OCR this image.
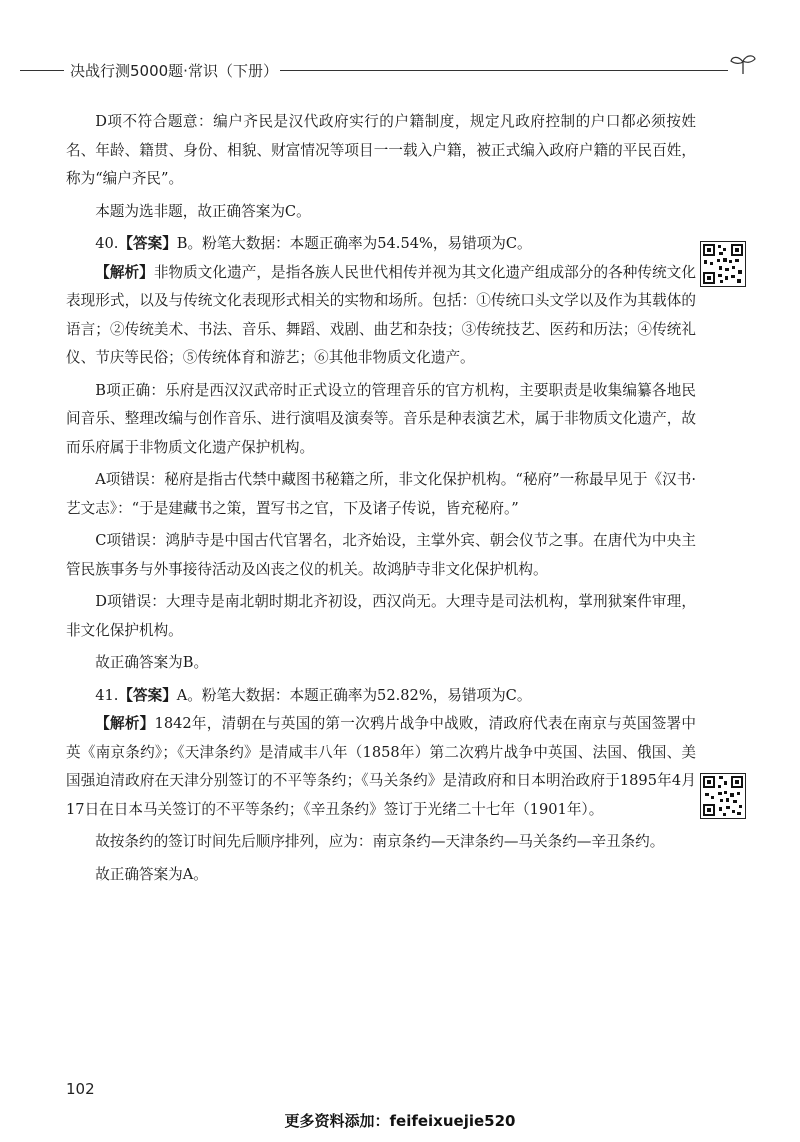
决战行测5000题·常识（下册）

D项不符合题意：编户齐民是汉代政府实行的户籍制度，规定凡政府控制的户口都必须按姓名、年龄、籍贯、身份、相貌、财富情况等项目一一载入户籍，被正式编入政府户籍的平民百姓，称为“编户齐民”。

本题为选非题，故正确答案为C。

40.【答案】B。粉笔大数据：本题正确率为54.54%，易错项为C。

【解析】非物质文化遗产，是指各族人民世代相传并视为其文化遗产组成部分的各种传统文化表现形式，以及与传统文化表现形式相关的实物和场所。包括：①传统口头文学以及作为其载体的语言；②传统美术、书法、音乐、舞蹈、戏剧、曲艺和杂技；③传统技艺、医药和历法；④传统礼仪、节庆等民俗；⑤传统体育和游艺；⑥其他非物质文化遗产。

B项正确：乐府是西汉汉武帝时正式设立的管理音乐的官方机构，主要职责是收集编纂各地民间音乐、整理改编与创作音乐、进行演唱及演奏等。音乐是种表演艺术，属于非物质文化遗产，故而乐府属于非物质文化遗产保护机构。

A项错误：秘府是指古代禁中藏图书秘籍之所，非文化保护机构。“秘府”一称最早见于《汉书·艺文志》：“于是建藏书之策，置写书之官，下及诸子传说，皆充秘府。”

C项错误：鸿胪寺是中国古代官署名，北齐始设，主掌外宾、朝会仪节之事。在唐代为中央主管民族事务与外事接待活动及凶丧之仪的机关。故鸿胪寺非文化保护机构。

D项错误：大理寺是南北朝时期北齐初设，西汉尚无。大理寺是司法机构，掌刑狱案件审理，非文化保护机构。

故正确答案为B。

41.【答案】A。粉笔大数据：本题正确率为52.82%，易错项为C。

【解析】1842年，清朝在与英国的第一次鸦片战争中战败，清政府代表在南京与英国签署中英《南京条约》；《天津条约》是清咸丰八年（1858年）第二次鸦片战争中英国、法国、俄国、美国强迫清政府在天津分别签订的不平等条约；《马关条约》是清政府和日本明治政府于1895年4月17日在日本马关签订的不平等条约；《辛丑条约》签订于光绪二十七年（1901年）。

故按条约的签订时间先后顺序排列，应为：南京条约—天津条约—马关条约—辛丑条约。

故正确答案为A。

102
更多资料添加：feifeixuejie520
